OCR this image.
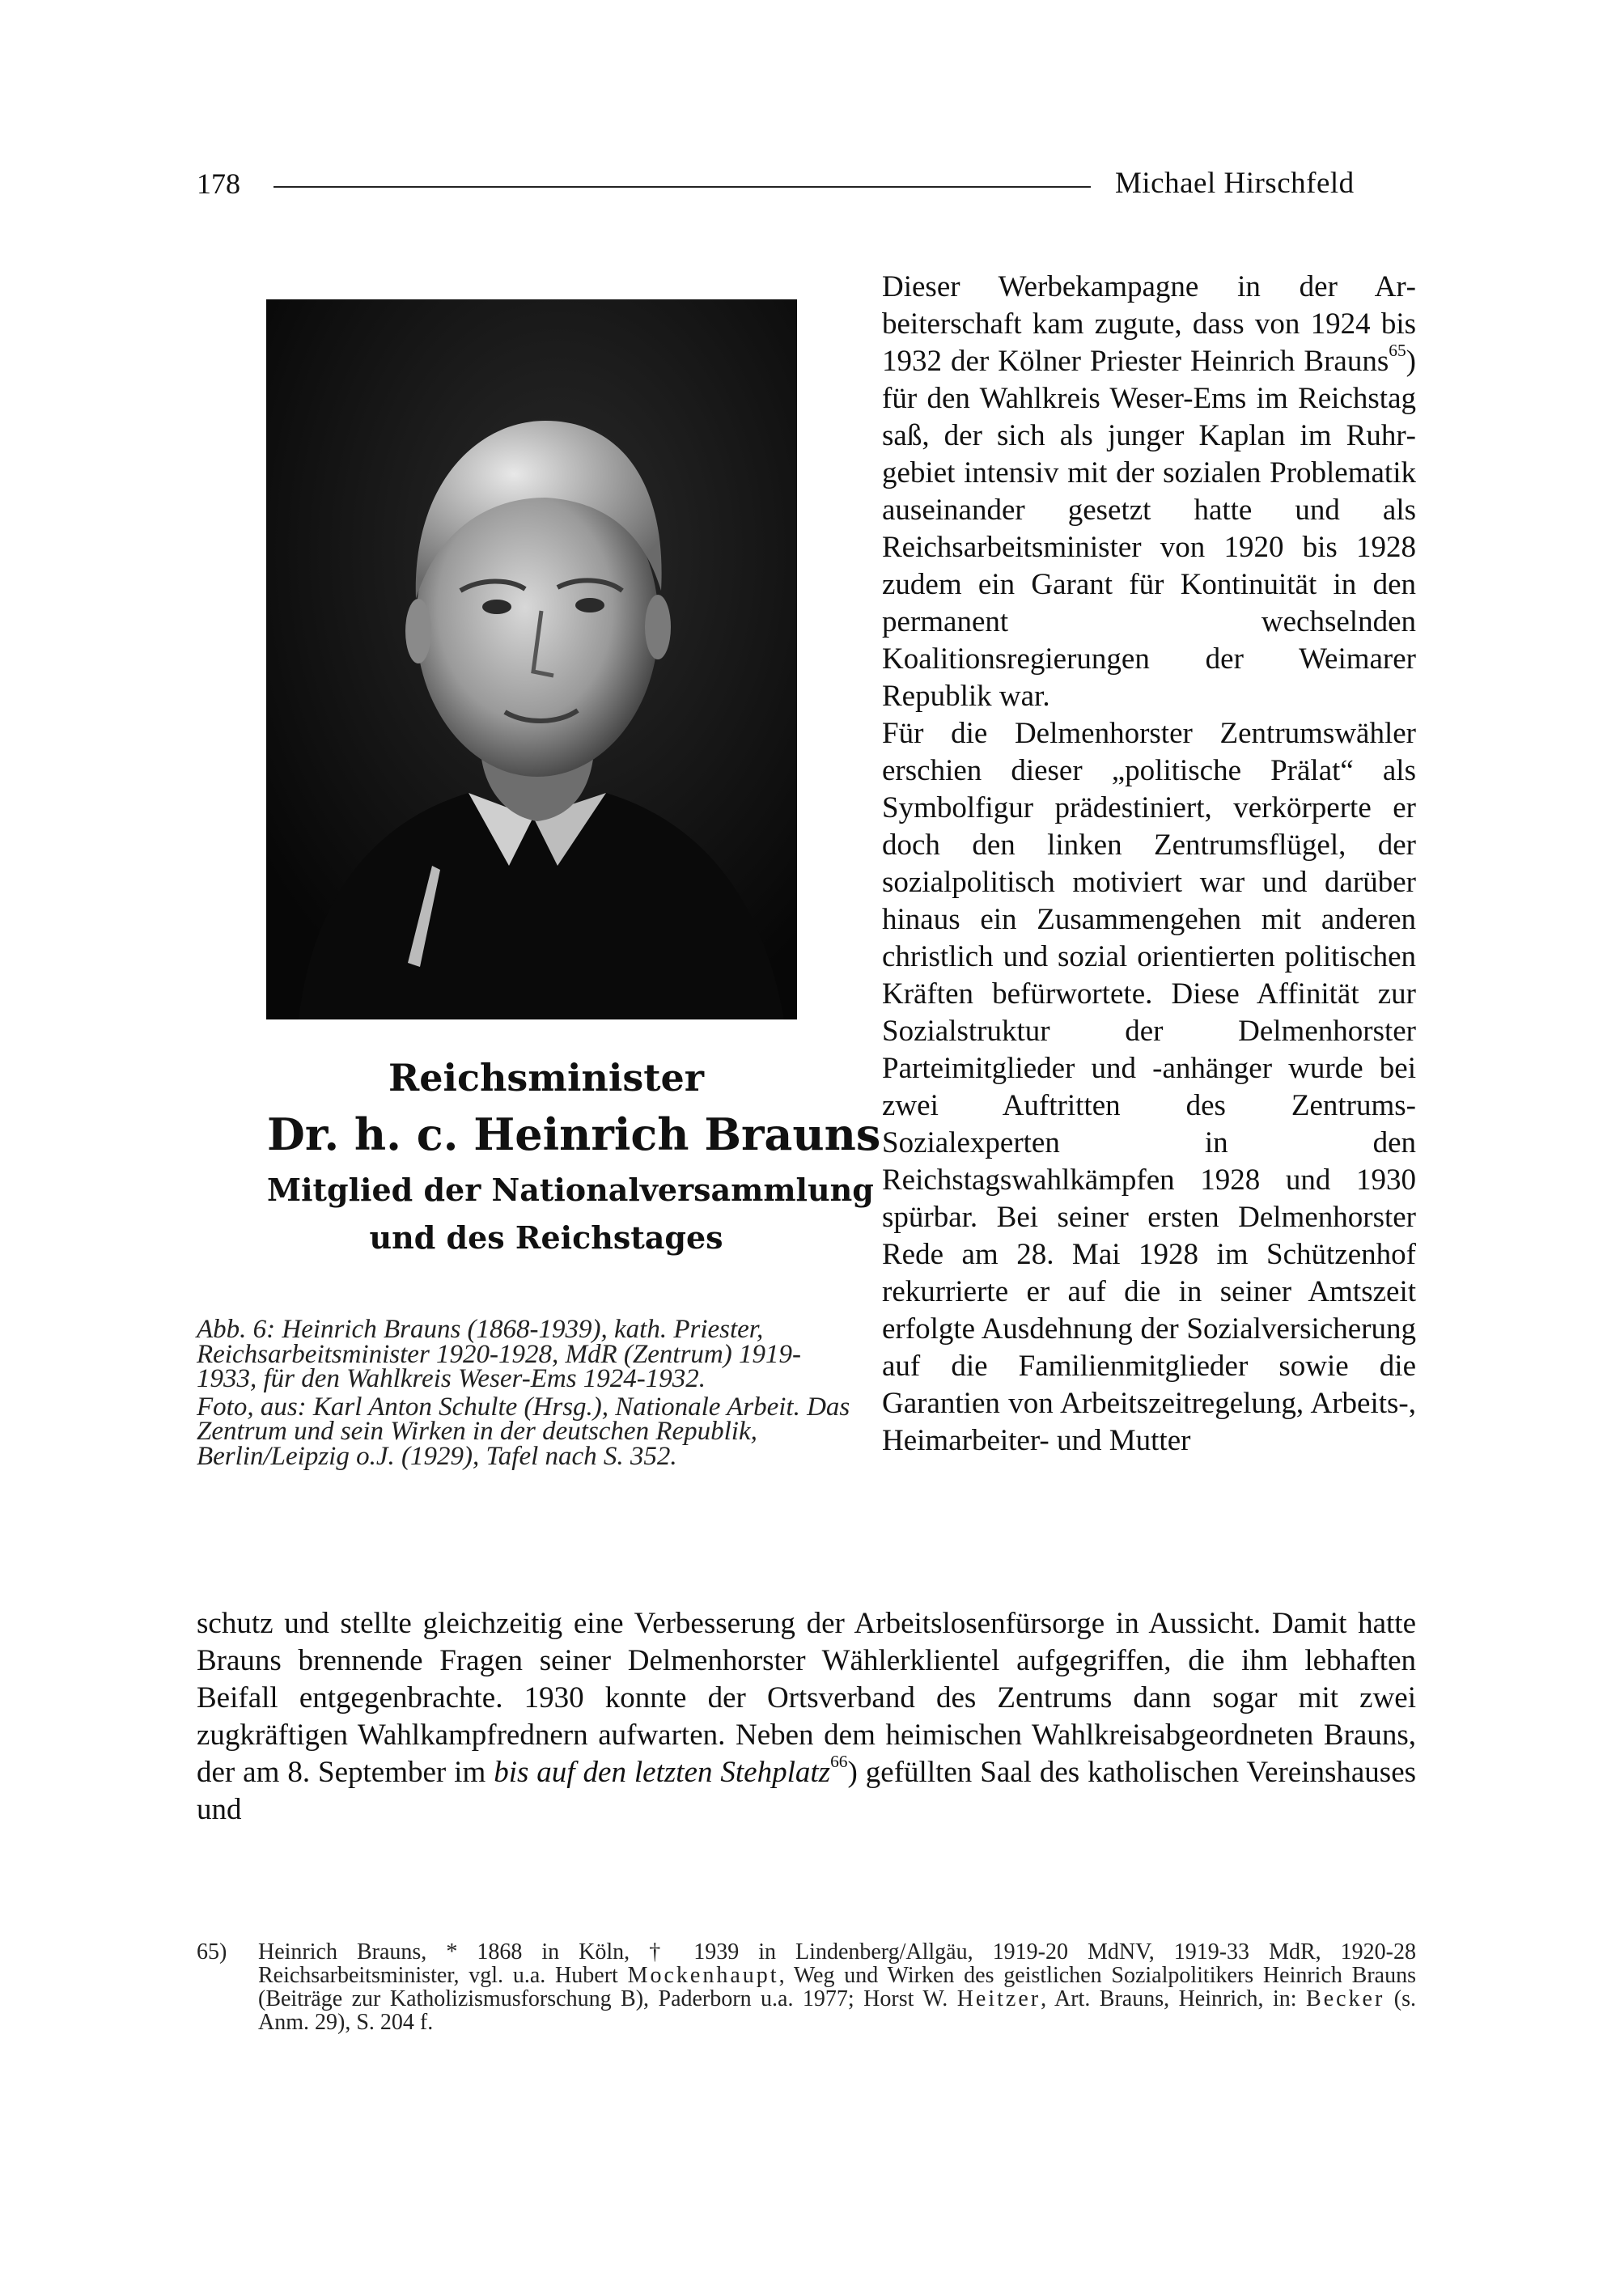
178	Michael Hirschfeld
Reichsminister
Dr. h. c. Heinrich Brauns
Mitglied der Nationalversammlung
und des Reichstages

Abb. 6: Heinrich Brauns (1868-1939), kath. Priester, Reichsarbeitsminister 1920-1928, MdR (Zentrum) 1919-1933, für den Wahlkreis Weser-Ems 1924-1932.

Foto, aus: Karl Anton Schulte (Hrsg.), Nationale Arbeit. Das Zentrum und sein Wirken in der deutschen Republik, Berlin/Leipzig o.J. (1929), Tafel nach S. 352.

Dieser Werbekampagne in der Arbeiterschaft kam zugute, dass von 1924 bis 1932 der Kölner Priester Heinrich Brauns$^{65}$) für den Wahlkreis Weser-Ems im Reichstag saß, der sich als junger Kaplan im Ruhrgebiet intensiv mit der sozialen Problematik auseinander gesetzt hatte und als Reichsarbeitsminister von 1920 bis 1928 zudem ein Garant für Kontinuität in den permanent wechselnden Koalitionsregierungen der Weimarer Republik war.

Für die Delmenhorster Zentrumswähler erschien dieser „politische Prälat“ als Symbolfigur prädestiniert, verkörperte er doch den linken Zentrumsflügel, der sozialpolitisch motiviert war und darüber hinaus ein Zusammengehen mit anderen christlich und sozial orientierten politischen Kräften befürwortete. Diese Affinität zur Sozialstruktur der Delmenhorster Parteimitglieder und -anhänger wurde bei zwei Auftritten des Zentrums-Sozialexperten in den Reichstagswahlkämpfen 1928 und 1930 spürbar. Bei seiner ersten Delmenhorster Rede am 28. Mai 1928 im Schützenhof rekurrierte er auf die in seiner Amtszeit erfolgte Ausdehnung der Sozialversicherung auf die Familienmitglieder sowie die Garantien von Arbeitszeitregelung, Arbeits-, Heimarbeiter- und Mutter

schutz und stellte gleichzeitig eine Verbesserung der Arbeitslosenfürsorge in Aussicht. Damit hatte Brauns brennende Fragen seiner Delmenhorster Wählerklientel aufgegriffen, die ihm lebhaften Beifall entgegenbrachte. 1930 konnte der Ortsverband des Zentrums dann sogar mit zwei zugkräftigen Wahlkampfrednern aufwarten. Neben dem heimischen Wahlkreisabgeordneten Brauns, der am 8. September im bis auf den letzten Stehplatz$^{66}$) gefüllten Saal des katholischen Vereinshauses und

65) Heinrich Brauns, * 1868 in Köln, † 1939 in Lindenberg/Allgäu, 1919-20 MdNV, 1919-33 MdR, 1920-28 Reichsarbeitsminister, vgl. u.a. Hubert Mockenhaupt, Weg und Wirken des geistlichen Sozialpolitikers Heinrich Brauns (Beiträge zur Katholizismusforschung B), Paderborn u.a. 1977; Horst W. Heitzer, Art. Brauns, Heinrich, in: Becker (s. Anm. 29), S. 204 f.
